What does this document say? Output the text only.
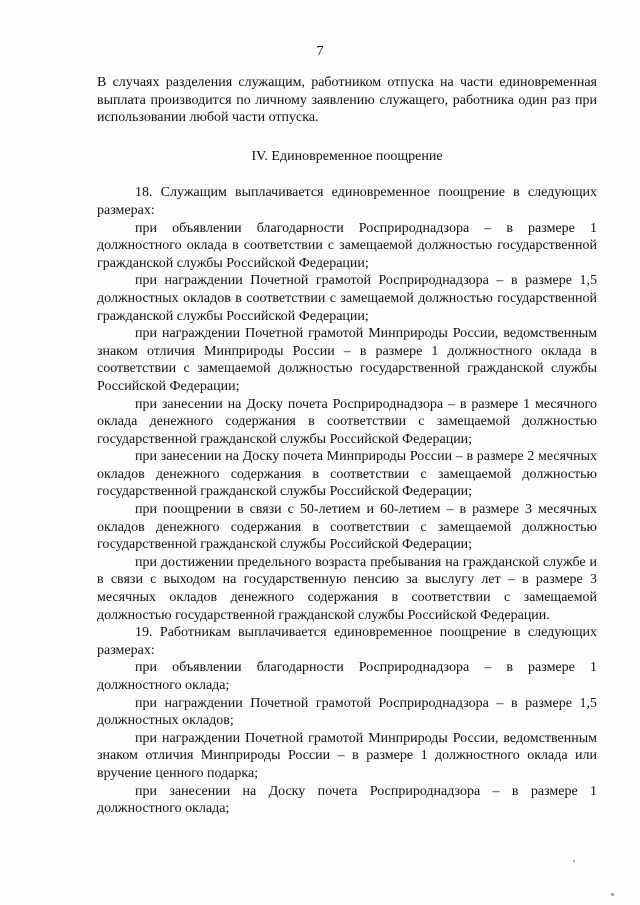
7

В случаях разделения служащим, работником отпуска на части единовременная выплата производится по личному заявлению служащего, работника один раз при использовании любой части отпуска.

IV. Единовременное поощрение

18. Служащим выплачивается единовременное поощрение в следующих размерах:

при объявлении благодарности Росприроднадзора – в размере 1 должностного оклада в соответствии с замещаемой должностью государственной гражданской службы Российской Федерации;

при награждении Почетной грамотой Росприроднадзора – в размере 1,5 должностных окладов в соответствии с замещаемой должностью государственной гражданской службы Российской Федерации;

при награждении Почетной грамотой Минприроды России, ведомственным знаком отличия Минприроды России – в размере 1 должностного оклада в соответствии с замещаемой должностью государственной гражданской службы Российской Федерации;

при занесении на Доску почета Росприроднадзора – в размере 1 месячного оклада денежного содержания в соответствии с замещаемой должностью государственной гражданской службы Российской Федерации;

при занесении на Доску почета Минприроды России – в размере 2 месячных окладов денежного содержания в соответствии с замещаемой должностью государственной гражданской службы Российской Федерации;

при поощрении в связи с 50-летием и 60-летием – в размере 3 месячных окладов денежного содержания в соответствии с замещаемой должностью государственной гражданской службы Российской Федерации;

при достижении предельного возраста пребывания на гражданской службе и в связи с выходом на государственную пенсию за выслугу лет – в размере 3 месячных окладов денежного содержания в соответствии с замещаемой должностью государственной гражданской службы Российской Федерации.

19. Работникам выплачивается единовременное поощрение в следующих размерах:

при объявлении благодарности Росприроднадзора – в размере 1 должностного оклада;

при награждении Почетной грамотой Росприроднадзора – в размере 1,5 должностных окладов;

при награждении Почетной грамотой Минприроды России, ведомственным знаком отличия Минприроды России – в размере 1 должностного оклада или вручение ценного подарка;

при занесении на Доску почета Росприроднадзора – в размере 1 должностного оклада;
